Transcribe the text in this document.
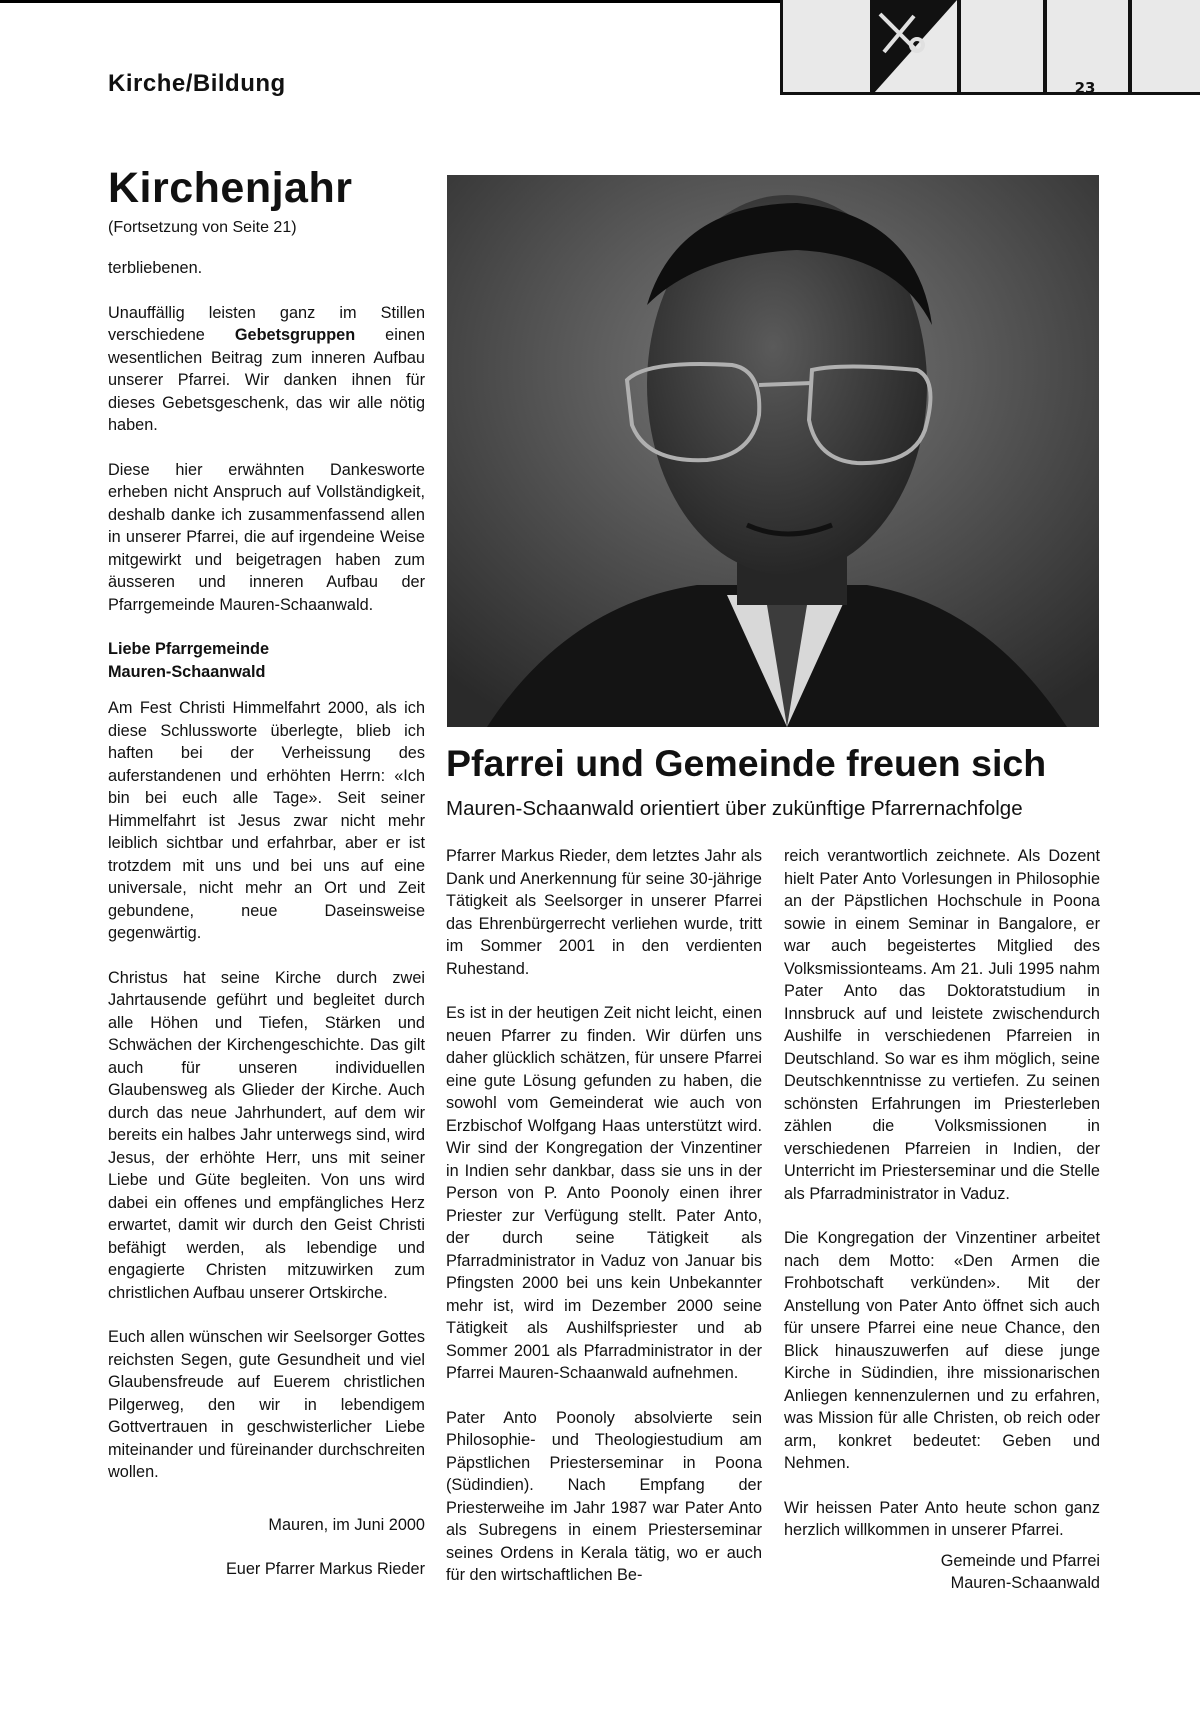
Kirche/Bildung	23
Kirchenjahr
(Fortsetzung von Seite 21)

terbliebenen.

Unauffällig leisten ganz im Stillen verschiedene Gebetsgruppen einen wesentlichen Beitrag zum inneren Aufbau unserer Pfarrei. Wir danken ihnen für dieses Gebetsgeschenk, das wir alle nötig haben.

Diese hier erwähnten Dankesworte erheben nicht Anspruch auf Vollständigkeit, deshalb danke ich zusammenfassend allen in unserer Pfarrei, die auf irgendeine Weise mitgewirkt und beigetragen haben zum äusseren und inneren Aufbau der Pfarrgemeinde Mauren-Schaanwald.

Liebe Pfarrgemeinde
Mauren-Schaanwald

Am Fest Christi Himmelfahrt 2000, als ich diese Schlussworte überlegte, blieb ich haften bei der Verheissung des auferstandenen und erhöhten Herrn: «Ich bin bei euch alle Tage». Seit seiner Himmelfahrt ist Jesus zwar nicht mehr leiblich sichtbar und erfahrbar, aber er ist trotzdem mit uns und bei uns auf eine universale, nicht mehr an Ort und Zeit gebundene, neue Daseinsweise gegenwärtig.

Christus hat seine Kirche durch zwei Jahrtausende geführt und begleitet durch alle Höhen und Tiefen, Stärken und Schwächen der Kirchengeschichte. Das gilt auch für unseren individuellen Glaubensweg als Glieder der Kirche. Auch durch das neue Jahrhundert, auf dem wir bereits ein halbes Jahr unterwegs sind, wird Jesus, der erhöhte Herr, uns mit seiner Liebe und Güte begleiten. Von uns wird dabei ein offenes und empfängliches Herz erwartet, damit wir durch den Geist Christi befähigt werden, als lebendige und engagierte Christen mitzuwirken zum christlichen Aufbau unserer Ortskirche.

Euch allen wünschen wir Seelsorger Gottes reichsten Segen, gute Gesundheit und viel Glaubensfreude auf Euerem christlichen Pilgerweg, den wir in lebendigem Gottvertrauen in geschwisterlicher Liebe miteinander und füreinander durchschreiten wollen.

Mauren, im Juni 2000

Euer Pfarrer Markus Rieder

Pfarrei und Gemeinde freuen sich
Mauren-Schaanwald orientiert über zukünftige Pfarrernachfolge

Pfarrer Markus Rieder, dem letztes Jahr als Dank und Anerkennung für seine 30-jährige Tätigkeit als Seelsorger in unserer Pfarrei das Ehrenbürgerrecht verliehen wurde, tritt im Sommer 2001 in den verdienten Ruhestand.

Es ist in der heutigen Zeit nicht leicht, einen neuen Pfarrer zu finden. Wir dürfen uns daher glücklich schätzen, für unsere Pfarrei eine gute Lösung gefunden zu haben, die sowohl vom Gemeinderat wie auch von Erzbischof Wolfgang Haas unterstützt wird. Wir sind der Kongregation der Vinzentiner in Indien sehr dankbar, dass sie uns in der Person von P. Anto Poonoly einen ihrer Priester zur Verfügung stellt. Pater Anto, der durch seine Tätigkeit als Pfarradministrator in Vaduz von Januar bis Pfingsten 2000 bei uns kein Unbekannter mehr ist, wird im Dezember 2000 seine Tätigkeit als Aushilfspriester und ab Sommer 2001 als Pfarradministrator in der Pfarrei Mauren-Schaanwald aufnehmen.

Pater Anto Poonoly absolvierte sein Philosophie- und Theologiestudium am Päpstlichen Priesterseminar in Poona (Südindien). Nach Empfang der Priesterweihe im Jahr 1987 war Pater Anto als Subregens in einem Priesterseminar seines Ordens in Kerala tätig, wo er auch für den wirtschaftlichen Be-

reich verantwortlich zeichnete. Als Dozent hielt Pater Anto Vorlesungen in Philosophie an der Päpstlichen Hochschule in Poona sowie in einem Seminar in Bangalore, er war auch begeistertes Mitglied des Volksmissionteams. Am 21. Juli 1995 nahm Pater Anto das Doktoratstudium in Innsbruck auf und leistete zwischendurch Aushilfe in verschiedenen Pfarreien in Deutschland. So war es ihm möglich, seine Deutschkenntnisse zu vertiefen. Zu seinen schönsten Erfahrungen im Priesterleben zählen die Volksmissionen in verschiedenen Pfarreien in Indien, der Unterricht im Priesterseminar und die Stelle als Pfarradministrator in Vaduz.

Die Kongregation der Vinzentiner arbeitet nach dem Motto: «Den Armen die Frohbotschaft verkünden». Mit der Anstellung von Pater Anto öffnet sich auch für unsere Pfarrei eine neue Chance, den Blick hinauszuwerfen auf diese junge Kirche in Südindien, ihre missionarischen Anliegen kennenzulernen und zu erfahren, was Mission für alle Christen, ob reich oder arm, konkret bedeutet: Geben und Nehmen.

Wir heissen Pater Anto heute schon ganz herzlich willkommen in unserer Pfarrei.

Gemeinde und Pfarrei
Mauren-Schaanwald
